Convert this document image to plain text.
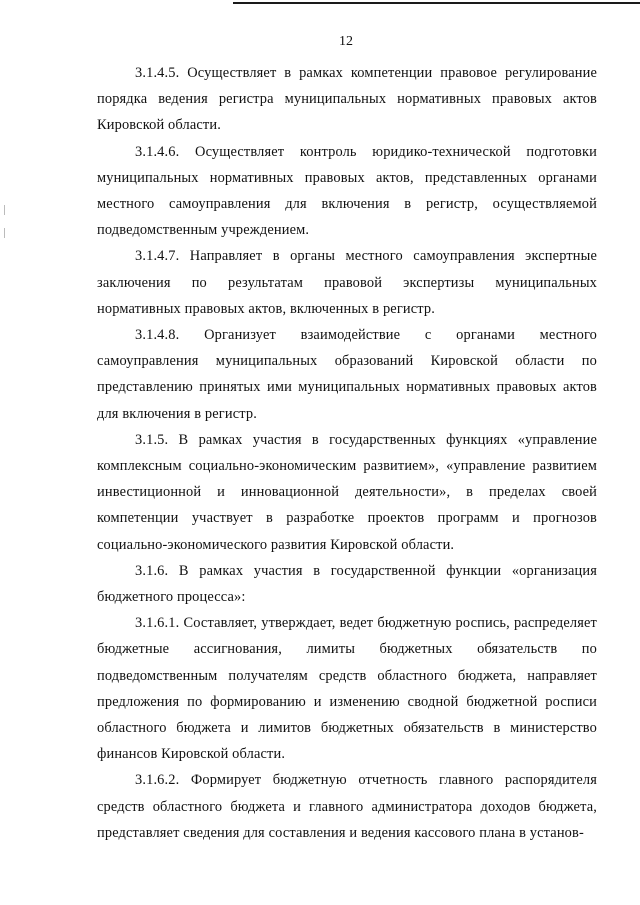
12

3.1.4.5. Осуществляет в рамках компетенции правовое регулирование порядка ведения регистра муниципальных нормативных правовых актов Кировской области.

3.1.4.6. Осуществляет контроль юридико-технической подготовки муниципальных нормативных правовых актов, представленных органами местного самоуправления для включения в регистр, осуществляемой подведомственным учреждением.

3.1.4.7. Направляет в органы местного самоуправления экспертные заключения по результатам правовой экспертизы муниципальных нормативных правовых актов, включенных в регистр.

3.1.4.8. Организует взаимодействие с органами местного самоуправления муниципальных образований Кировской области по представлению принятых ими муниципальных нормативных правовых актов для включения в регистр.

3.1.5. В рамках участия в государственных функциях «управление комплексным социально-экономическим развитием», «управление развитием инвестиционной и инновационной деятельности», в пределах своей компетенции участвует в разработке проектов программ и прогнозов социально-экономического развития Кировской области.

3.1.6. В рамках участия в государственной функции «организация бюджетного процесса»:

3.1.6.1. Составляет, утверждает, ведет бюджетную роспись, распределяет бюджетные ассигнования, лимиты бюджетных обязательств по подведомственным получателям средств областного бюджета, направляет предложения по формированию и изменению сводной бюджетной росписи областного бюджета и лимитов бюджетных обязательств в министерство финансов Кировской области.

3.1.6.2. Формирует бюджетную отчетность главного распорядителя средств областного бюджета и главного администратора доходов бюджета, представляет сведения для составления и ведения кассового плана в установ-
